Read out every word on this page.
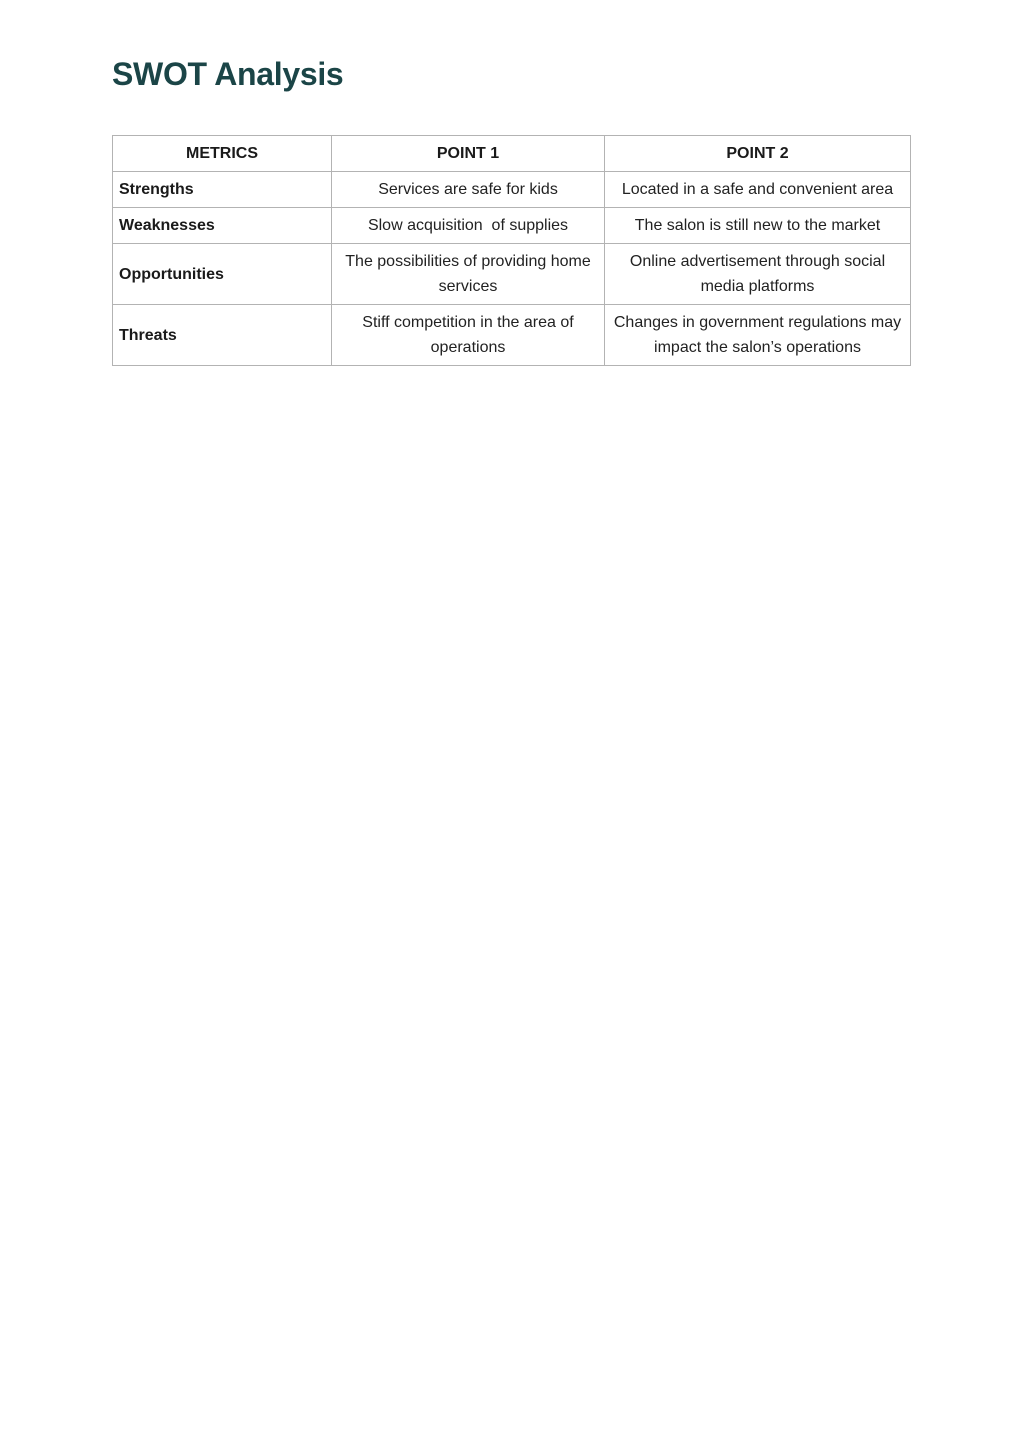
SWOT Analysis
METRICS	POINT 1	POINT 2
Strengths	Services are safe for kids	Located in a safe and convenient area
Weaknesses	Slow acquisition  of supplies	The salon is still new to the market
Opportunities	The possibilities of providing home services	Online advertisement through social media platforms
Threats	Stiff competition in the area of operations	Changes in government regulations may impact the salon’s operations
